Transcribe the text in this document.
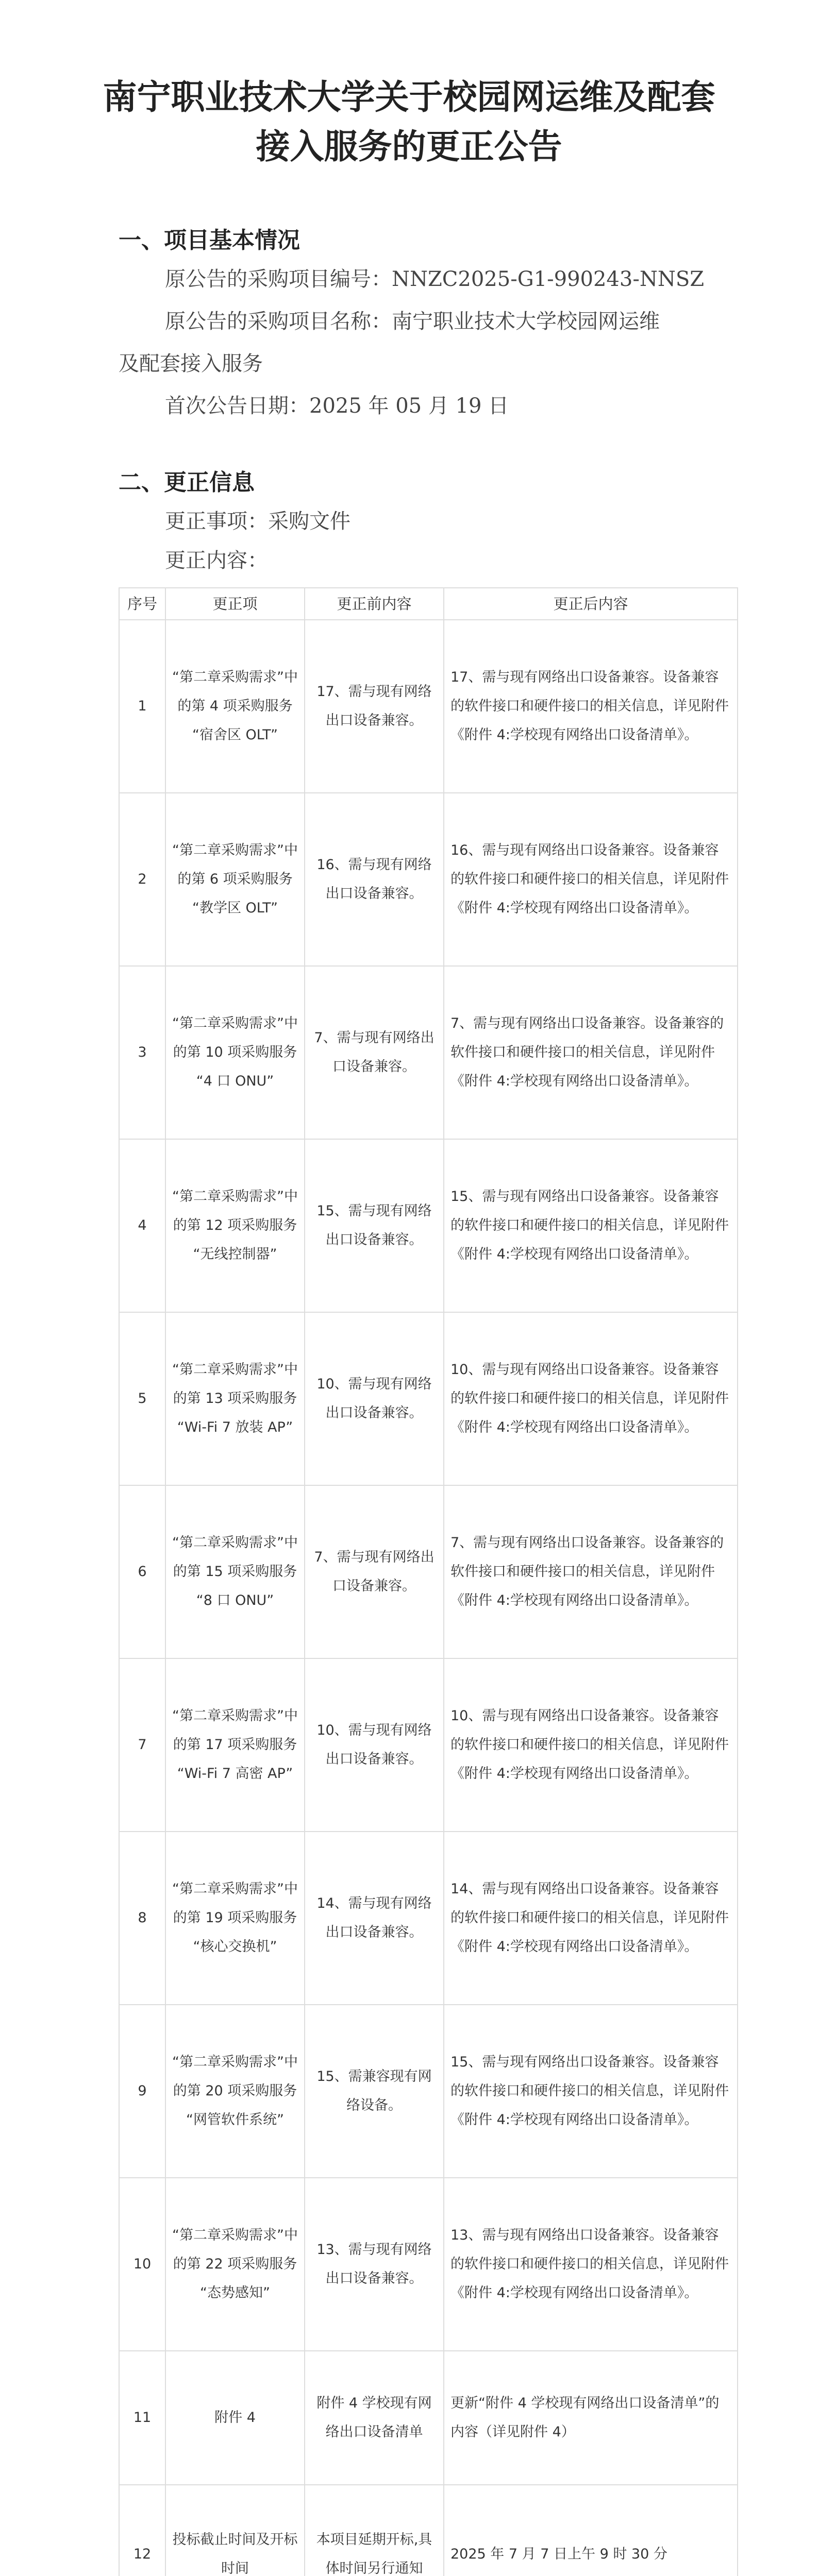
南宁职业技术大学关于校园网运维及配套
接入服务的更正公告
一、项目基本情况
原公告的采购项目编号：NNZC2025-G1-990243-NNSZ
原公告的采购项目名称：南宁职业技术大学校园网运维
及配套接入服务
首次公告日期：2025 年 05 月 19 日
二、更正信息
更正事项：采购文件
更正内容：
序号	更正项	更正前内容	更正后内容
1	“第二章采购需求”中的第 4 项采购服务 “宿舍区 OLT”	17、需与现有网络出口设备兼容。	17、需与现有网络出口设备兼容。设备兼容的软件接口和硬件接口的相关信息，详见附件《附件 4:学校现有网络出口设备清单》。
2	“第二章采购需求”中的第 6 项采购服务 “教学区 OLT”	16、需与现有网络出口设备兼容。	16、需与现有网络出口设备兼容。设备兼容的软件接口和硬件接口的相关信息，详见附件《附件 4:学校现有网络出口设备清单》。
3	“第二章采购需求”中的第 10 项采购服务 “4 口 ONU”	7、需与现有网络出口设备兼容。	7、需与现有网络出口设备兼容。设备兼容的软件接口和硬件接口的相关信息，详见附件《附件 4:学校现有网络出口设备清单》。
4	“第二章采购需求”中的第 12 项采购服务 “无线控制器”	15、需与现有网络出口设备兼容。	15、需与现有网络出口设备兼容。设备兼容的软件接口和硬件接口的相关信息，详见附件《附件 4:学校现有网络出口设备清单》。
5	“第二章采购需求”中的第 13 项采购服务 “Wi-Fi 7 放装 AP”	10、需与现有网络出口设备兼容。	10、需与现有网络出口设备兼容。设备兼容的软件接口和硬件接口的相关信息，详见附件《附件 4:学校现有网络出口设备清单》。
6	“第二章采购需求”中的第 15 项采购服务 “8 口 ONU”	7、需与现有网络出口设备兼容。	7、需与现有网络出口设备兼容。设备兼容的软件接口和硬件接口的相关信息，详见附件《附件 4:学校现有网络出口设备清单》。
7	“第二章采购需求”中的第 17 项采购服务 “Wi-Fi 7 高密 AP”	10、需与现有网络出口设备兼容。	10、需与现有网络出口设备兼容。设备兼容的软件接口和硬件接口的相关信息，详见附件《附件 4:学校现有网络出口设备清单》。
8	“第二章采购需求”中的第 19 项采购服务 “核心交换机”	14、需与现有网络出口设备兼容。	14、需与现有网络出口设备兼容。设备兼容的软件接口和硬件接口的相关信息，详见附件《附件 4:学校现有网络出口设备清单》。
9	“第二章采购需求”中的第 20 项采购服务 “网管软件系统”	15、需兼容现有网络设备。	15、需与现有网络出口设备兼容。设备兼容的软件接口和硬件接口的相关信息，详见附件《附件 4:学校现有网络出口设备清单》。
10	“第二章采购需求”中的第 22 项采购服务 “态势感知”	13、需与现有网络出口设备兼容。	13、需与现有网络出口设备兼容。设备兼容的软件接口和硬件接口的相关信息，详见附件《附件 4:学校现有网络出口设备清单》。
11	附件 4	附件 4 学校现有网络出口设备清单	更新“附件 4 学校现有网络出口设备清单”的内容（详见附件 4）
12	投标截止时间及开标时间	本项目延期开标,具体时间另行通知	2025 年 7 月 7 日上午 9 时 30 分
